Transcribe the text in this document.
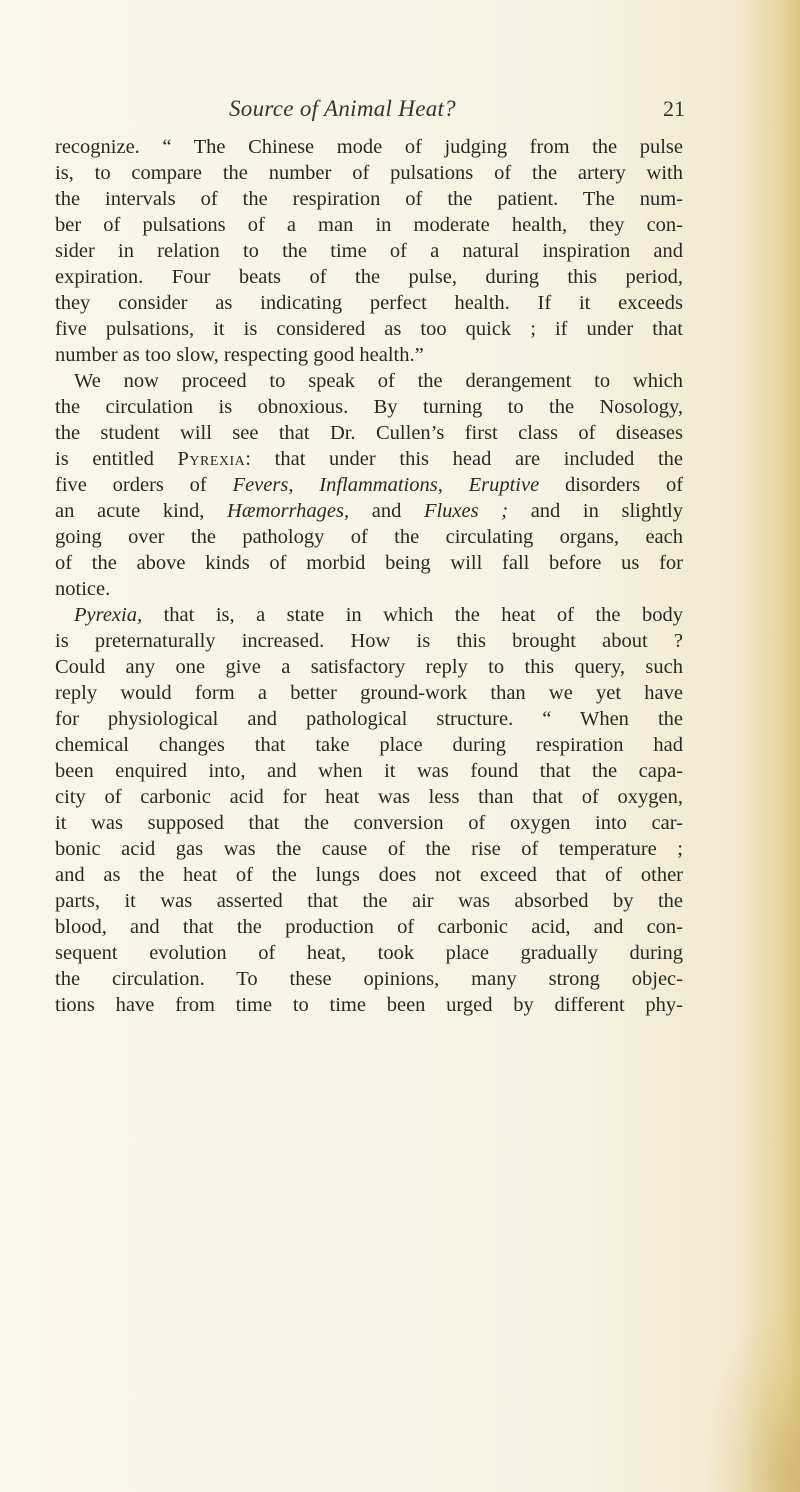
Source of Animal Heat?	21
recognize. “ The Chinese mode of judging from the pulse
is, to compare the number of pulsations of the artery with
the intervals of the respiration of the patient. The num-
ber of pulsations of a man in moderate health, they con-
sider in relation to the time of a natural inspiration and
expiration. Four beats of the pulse, during this period,
they consider as indicating perfect health. If it exceeds
five pulsations, it is considered as too quick ; if under that
number as too slow, respecting good health.”
We now proceed to speak of the derangement to which
the circulation is obnoxious. By turning to the Nosology,
the student will see that Dr. Cullen’s first class of diseases
is entitled Pyrexia: that under this head are included the
five orders of Fevers, Inflammations, Eruptive disorders of
an acute kind, Hæmorrhages, and Fluxes ; and in slightly
going over the pathology of the circulating organs, each
of the above kinds of morbid being will fall before us for
notice.
Pyrexia, that is, a state in which the heat of the body
is preternaturally increased. How is this brought about ?
Could any one give a satisfactory reply to this query, such
reply would form a better ground-work than we yet have
for physiological and pathological structure. “ When the
chemical changes that take place during respiration had
been enquired into, and when it was found that the capa-
city of carbonic acid for heat was less than that of oxygen,
it was supposed that the conversion of oxygen into car-
bonic acid gas was the cause of the rise of temperature ;
and as the heat of the lungs does not exceed that of other
parts, it was asserted that the air was absorbed by the
blood, and that the production of carbonic acid, and con-
sequent evolution of heat, took place gradually during
the circulation. To these opinions, many strong objec-
tions have from time to time been urged by different phy-
